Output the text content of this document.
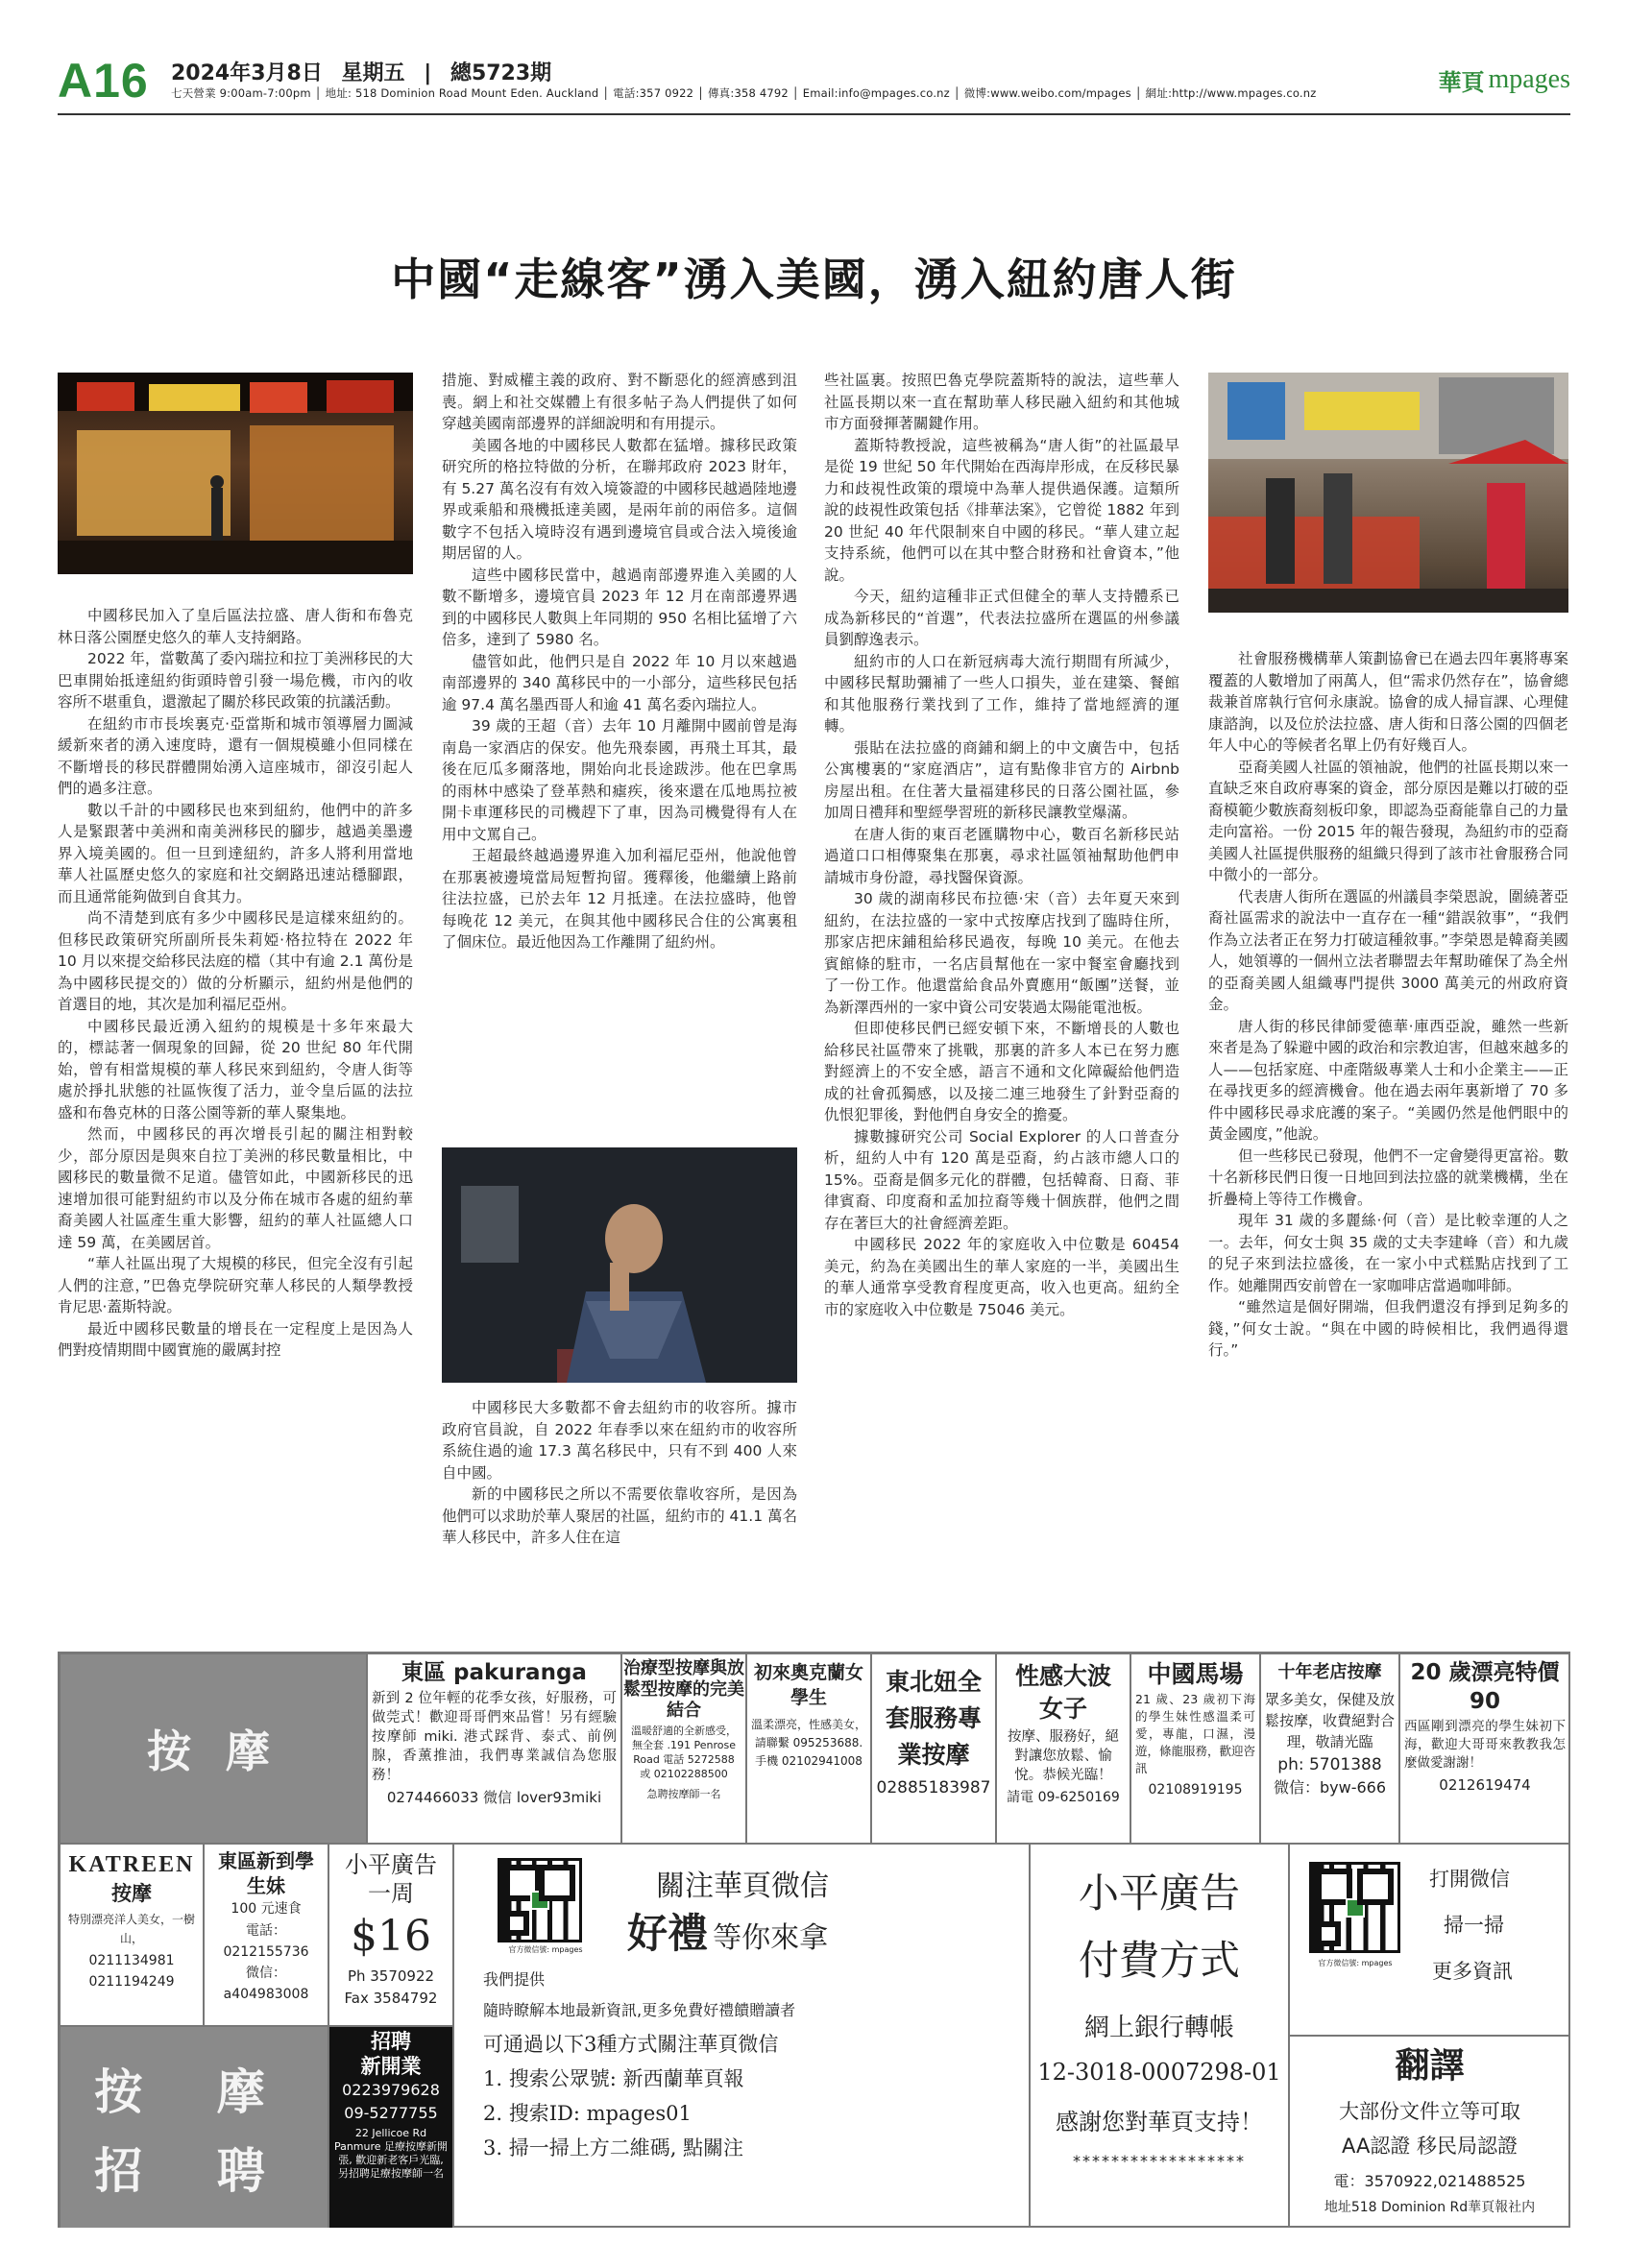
A16 2024年3月8日 星期五 | 總5723期
七天營業 9:00am-7:00pm │ 地址: 518 Dominion Road Mount Eden. Auckland │ 電話:357 0922 │ 傳真:358 4792 │ Email:info@mpages.co.nz │ 微博:www.weibo.com/mpages │ 網址:http://www.mpages.co.nz	華頁 mpages
中國“走線客”湧入美國，湧入紐約唐人街

中國移民加入了皇后區法拉盛、唐人街和布魯克林日落公園歷史悠久的華人支持網路。

2022 年，當數萬了委內瑞拉和拉丁美洲移民的大巴車開始抵達紐約街頭時曾引發一場危機，市內的收容所不堪重負，還激起了關於移民政策的抗議活動。

在紐約市市長埃裏克·亞當斯和城市領導層力圖減緩新來者的湧入速度時，還有一個規模雖小但同樣在不斷增長的移民群體開始湧入這座城市，卻沒引起人們的過多注意。

數以千計的中國移民也來到紐約，他們中的許多人是緊跟著中美洲和南美洲移民的腳步，越過美墨邊界入境美國的。但一旦到達紐約，許多人將利用當地華人社區歷史悠久的家庭和社交網路迅速站穩腳跟，而且通常能夠做到自食其力。

尚不清楚到底有多少中國移民是這樣來紐約的。但移民政策研究所副所長朱莉婭·格拉特在 2022 年 10 月以來提交給移民法庭的檔（其中有逾 2.1 萬份是為中國移民提交的）做的分析顯示，紐約州是他們的首選目的地，其次是加利福尼亞州。

中國移民最近湧入紐約的規模是十多年來最大的，標誌著一個現象的回歸，從 20 世紀 80 年代開始，曾有相當規模的華人移民來到紐約，令唐人街等處於掙扎狀態的社區恢復了活力，並令皇后區的法拉盛和布魯克林的日落公園等新的華人聚集地。

然而，中國移民的再次增長引起的關注相對較少，部分原因是與來自拉丁美洲的移民數量相比，中國移民的數量微不足道。儘管如此，中國新移民的迅速增加很可能對紐約市以及分佈在城市各處的紐約華裔美國人社區產生重大影響，紐約的華人社區總人口達 59 萬，在美國居首。

“華人社區出現了大規模的移民，但完全沒有引起人們的注意，”巴魯克學院研究華人移民的人類學教授肯尼思·蓋斯特說。

最近中國移民數量的增長在一定程度上是因為人們對疫情期間中國實施的嚴厲封控

措施、對威權主義的政府、對不斷惡化的經濟感到沮喪。網上和社交媒體上有很多帖子為人們提供了如何穿越美國南部邊界的詳細說明和有用提示。

美國各地的中國移民人數都在猛增。據移民政策研究所的格拉特做的分析，在聯邦政府 2023 財年，有 5.27 萬名沒有有效入境簽證的中國移民越過陸地邊界或乘船和飛機抵達美國，是兩年前的兩倍多。這個數字不包括入境時沒有遇到邊境官員或合法入境後逾期居留的人。

這些中國移民當中，越過南部邊界進入美國的人數不斷增多，邊境官員 2023 年 12 月在南部邊界遇到的中國移民人數與上年同期的 950 名相比猛增了六倍多，達到了 5980 名。

儘管如此，他們只是自 2022 年 10 月以來越過南部邊界的 340 萬移民中的一小部分，這些移民包括逾 97.4 萬名墨西哥人和逾 41 萬名委內瑞拉人。

39 歲的王超（音）去年 10 月離開中國前曾是海南島一家酒店的保安。他先飛泰國，再飛土耳其，最後在厄瓜多爾落地，開始向北長途跋涉。他在巴拿馬的雨林中感染了登革熱和瘧疾，後來還在瓜地馬拉被開卡車運移民的司機趕下了車，因為司機覺得有人在用中文罵自己。

王超最終越過邊界進入加利福尼亞州，他說他曾在那裏被邊境當局短暫拘留。獲釋後，他繼續上路前往法拉盛，已於去年 12 月抵達。在法拉盛時，他曾每晚花 12 美元，在與其他中國移民合住的公寓裏租了個床位。最近他因為工作離開了紐約州。

中國移民大多數都不會去紐約市的收容所。據市政府官員說，自 2022 年春季以來在紐約市的收容所系統住過的逾 17.3 萬名移民中，只有不到 400 人來自中國。

新的中國移民之所以不需要依靠收容所，是因為他們可以求助於華人聚居的社區，紐約市的 41.1 萬名華人移民中，許多人住在這

些社區裏。按照巴魯克學院蓋斯特的說法，這些華人社區長期以來一直在幫助華人移民融入紐約和其他城市方面發揮著關鍵作用。

蓋斯特教授說，這些被稱為“唐人街”的社區最早是從 19 世紀 50 年代開始在西海岸形成，在反移民暴力和歧視性政策的環境中為華人提供過保護。這類所說的歧視性政策包括《排華法案》，它曾從 1882 年到 20 世紀 40 年代限制來自中國的移民。“華人建立起支持系統，他們可以在其中整合財務和社會資本，”他說。

今天，紐約這種非正式但健全的華人支持體系已成為新移民的“首選”，代表法拉盛所在選區的州參議員劉醇逸表示。

紐約市的人口在新冠病毒大流行期間有所減少，中國移民幫助彌補了一些人口損失，並在建築、餐館和其他服務行業找到了工作，維持了當地經濟的運轉。

張貼在法拉盛的商鋪和網上的中文廣告中，包括公寓樓裏的“家庭酒店”，這有點像非官方的 Airbnb 房屋出租。在住著大量福建移民的日落公園社區，參加周日禮拜和聖經學習班的新移民讓教堂爆滿。

在唐人街的東百老匯購物中心，數百名新移民站過道口口相傳聚集在那裏，尋求社區領袖幫助他們申請城市身份證，尋找醫保資源。

30 歲的湖南移民布拉德·宋（音）去年夏天來到紐約，在法拉盛的一家中式按摩店找到了臨時住所，那家店把床鋪租給移民過夜，每晚 10 美元。在他去賓館條的駐市，一名店員幫他在一家中餐室會廳找到了一份工作。他還當給食品外賣應用“飯團”送餐，並為新澤西州的一家中資公司安裝過太陽能電池板。

但即使移民們已經安頓下來，不斷增長的人數也給移民社區帶來了挑戰，那裏的許多人本已在努力應對經濟上的不安全感，語言不通和文化障礙給他們造成的社會孤獨感，以及接二連三地發生了針對亞裔的仇恨犯罪後，對他們自身安全的擔憂。

據數據研究公司 Social Explorer 的人口普查分析，紐約人中有 120 萬是亞裔，約占該市總人口的 15%。亞裔是個多元化的群體，包括韓裔、日裔、菲律賓裔、印度裔和孟加拉裔等幾十個族群，他們之間存在著巨大的社會經濟差距。

中國移民 2022 年的家庭收入中位數是 60454 美元，約為在美國出生的華人家庭的一半，美國出生的華人通常享受教育程度更高，收入也更高。紐約全市的家庭收入中位數是 75046 美元。

社會服務機構華人策劃協會已在過去四年裏將專案覆蓋的人數增加了兩萬人，但“需求仍然存在”，協會總裁兼首席執行官何永康說。協會的成人掃盲課、心理健康諮詢，以及位於法拉盛、唐人街和日落公園的四個老年人中心的等候者名單上仍有好幾百人。

亞裔美國人社區的領袖說，他們的社區長期以來一直缺乏來自政府專案的資金，部分原因是難以打破的亞裔模範少數族裔刻板印象，即認為亞裔能靠自己的力量走向富裕。一份 2015 年的報告發現，為紐約市的亞裔美國人社區提供服務的組織只得到了該市社會服務合同中微小的一部分。

代表唐人街所在選區的州議員李榮恩說，圍繞著亞裔社區需求的說法中一直存在一種“錯誤敘事”，“我們作為立法者正在努力打破這種敘事。”李榮恩是韓裔美國人，她領導的一個州立法者聯盟去年幫助確保了為全州的亞裔美國人組織專門提供 3000 萬美元的州政府資金。

唐人街的移民律師愛德華·庫西亞說，雖然一些新來者是為了躲避中國的政治和宗教迫害，但越來越多的人——包括家庭、中產階級專業人士和小企業主——正在尋找更多的經濟機會。他在過去兩年裏新增了 70 多件中國移民尋求庇護的案子。“美國仍然是他們眼中的黃金國度，”他說。

但一些移民已發現，他們不一定會變得更富裕。數十名新移民們日復一日地回到法拉盛的就業機構，坐在折疊椅上等待工作機會。

現年 31 歲的多麗絲·何（音）是比較幸運的人之一。去年，何女士與 35 歲的丈夫李建峰（音）和九歲的兒子來到法拉盛後，在一家小中式糕點店找到了工作。她離開西安前曾在一家咖啡店當過咖啡師。

“雖然這是個好開端，但我們還沒有掙到足夠多的錢，”何女士說。“與在中國的時候相比，我們過得還行。”

按 摩
東區 pakuranga
新到 2 位年輕的花季女孩，好服務，可做莞式！歡迎哥哥們來品嘗！另有經驗按摩師 miki. 港式踩背、泰式、前例腺，香薰推油，我們專業誠信為您服務！
0274466033 微信 lover93miki
治療型按摩與放鬆型按摩的完美結合
溫暖舒適的全新感受，無全套 .191 Penrose Road 電話 5272588 或 02102288500
急聘按摩師一名
初來奧克蘭女學生
溫柔漂亮，性感美女，請聯繫 095253688. 手機 02102941008
東北妞全套服務專業按摩
02885183987
性感大波女子
按摩、服務好，絕對讓您放鬆、愉悅。恭候光臨！
請電 09-6250169
中國馬場
21 歲、23 歲初下海的學生妹性感溫柔可愛，專龍，口濕，漫遊，條龍服務，歡迎咨訊
02108919195
十年老店按摩
眾多美女，保健及放鬆按摩，收費絕對合理，敬請光臨
ph: 5701388
微信：byw-666
20 歲漂亮特價 90
西區剛到漂亮的學生妹初下海，歡迎大哥哥來教教我怎麼做愛謝謝！
0212619474
KATREEN
按摩
特別漂亮洋人美女，一樹山，
0211134981
0211194249
東區新到學生妹
100 元速食
電話：
0212155736
微信：
a404983008
小平廣告
一周
$16
Ph 3570922
Fax 3584792
官方微信號: mpages
關注華頁微信
好禮 等你來拿
我們提供
隨時瞭解本地最新資訊,更多免費好禮饋贈讀者
可通過以下3種方式關注華頁微信
1. 搜索公眾號: 新西蘭華頁報
2. 搜索ID: mpages01
3. 掃一掃上方二維碼, 點關注
小平廣告
付費方式
網上銀行轉帳
12-3018-0007298-01
感謝您對華頁支持！
******************
官方微信號: mpages
打開微信
掃一掃
更多資訊
按 摩
招 聘
招聘
新開業
0223979628
09-5277755
22 Jellicoe Rd Panmure 足療按摩新開張, 歡迎新老客戶光臨, 另招聘足療按摩師一名
翻譯
大部份文件立等可取
AA認證 移民局認證
電：3570922,021488525
地址518 Dominion Rd華頁報社内
